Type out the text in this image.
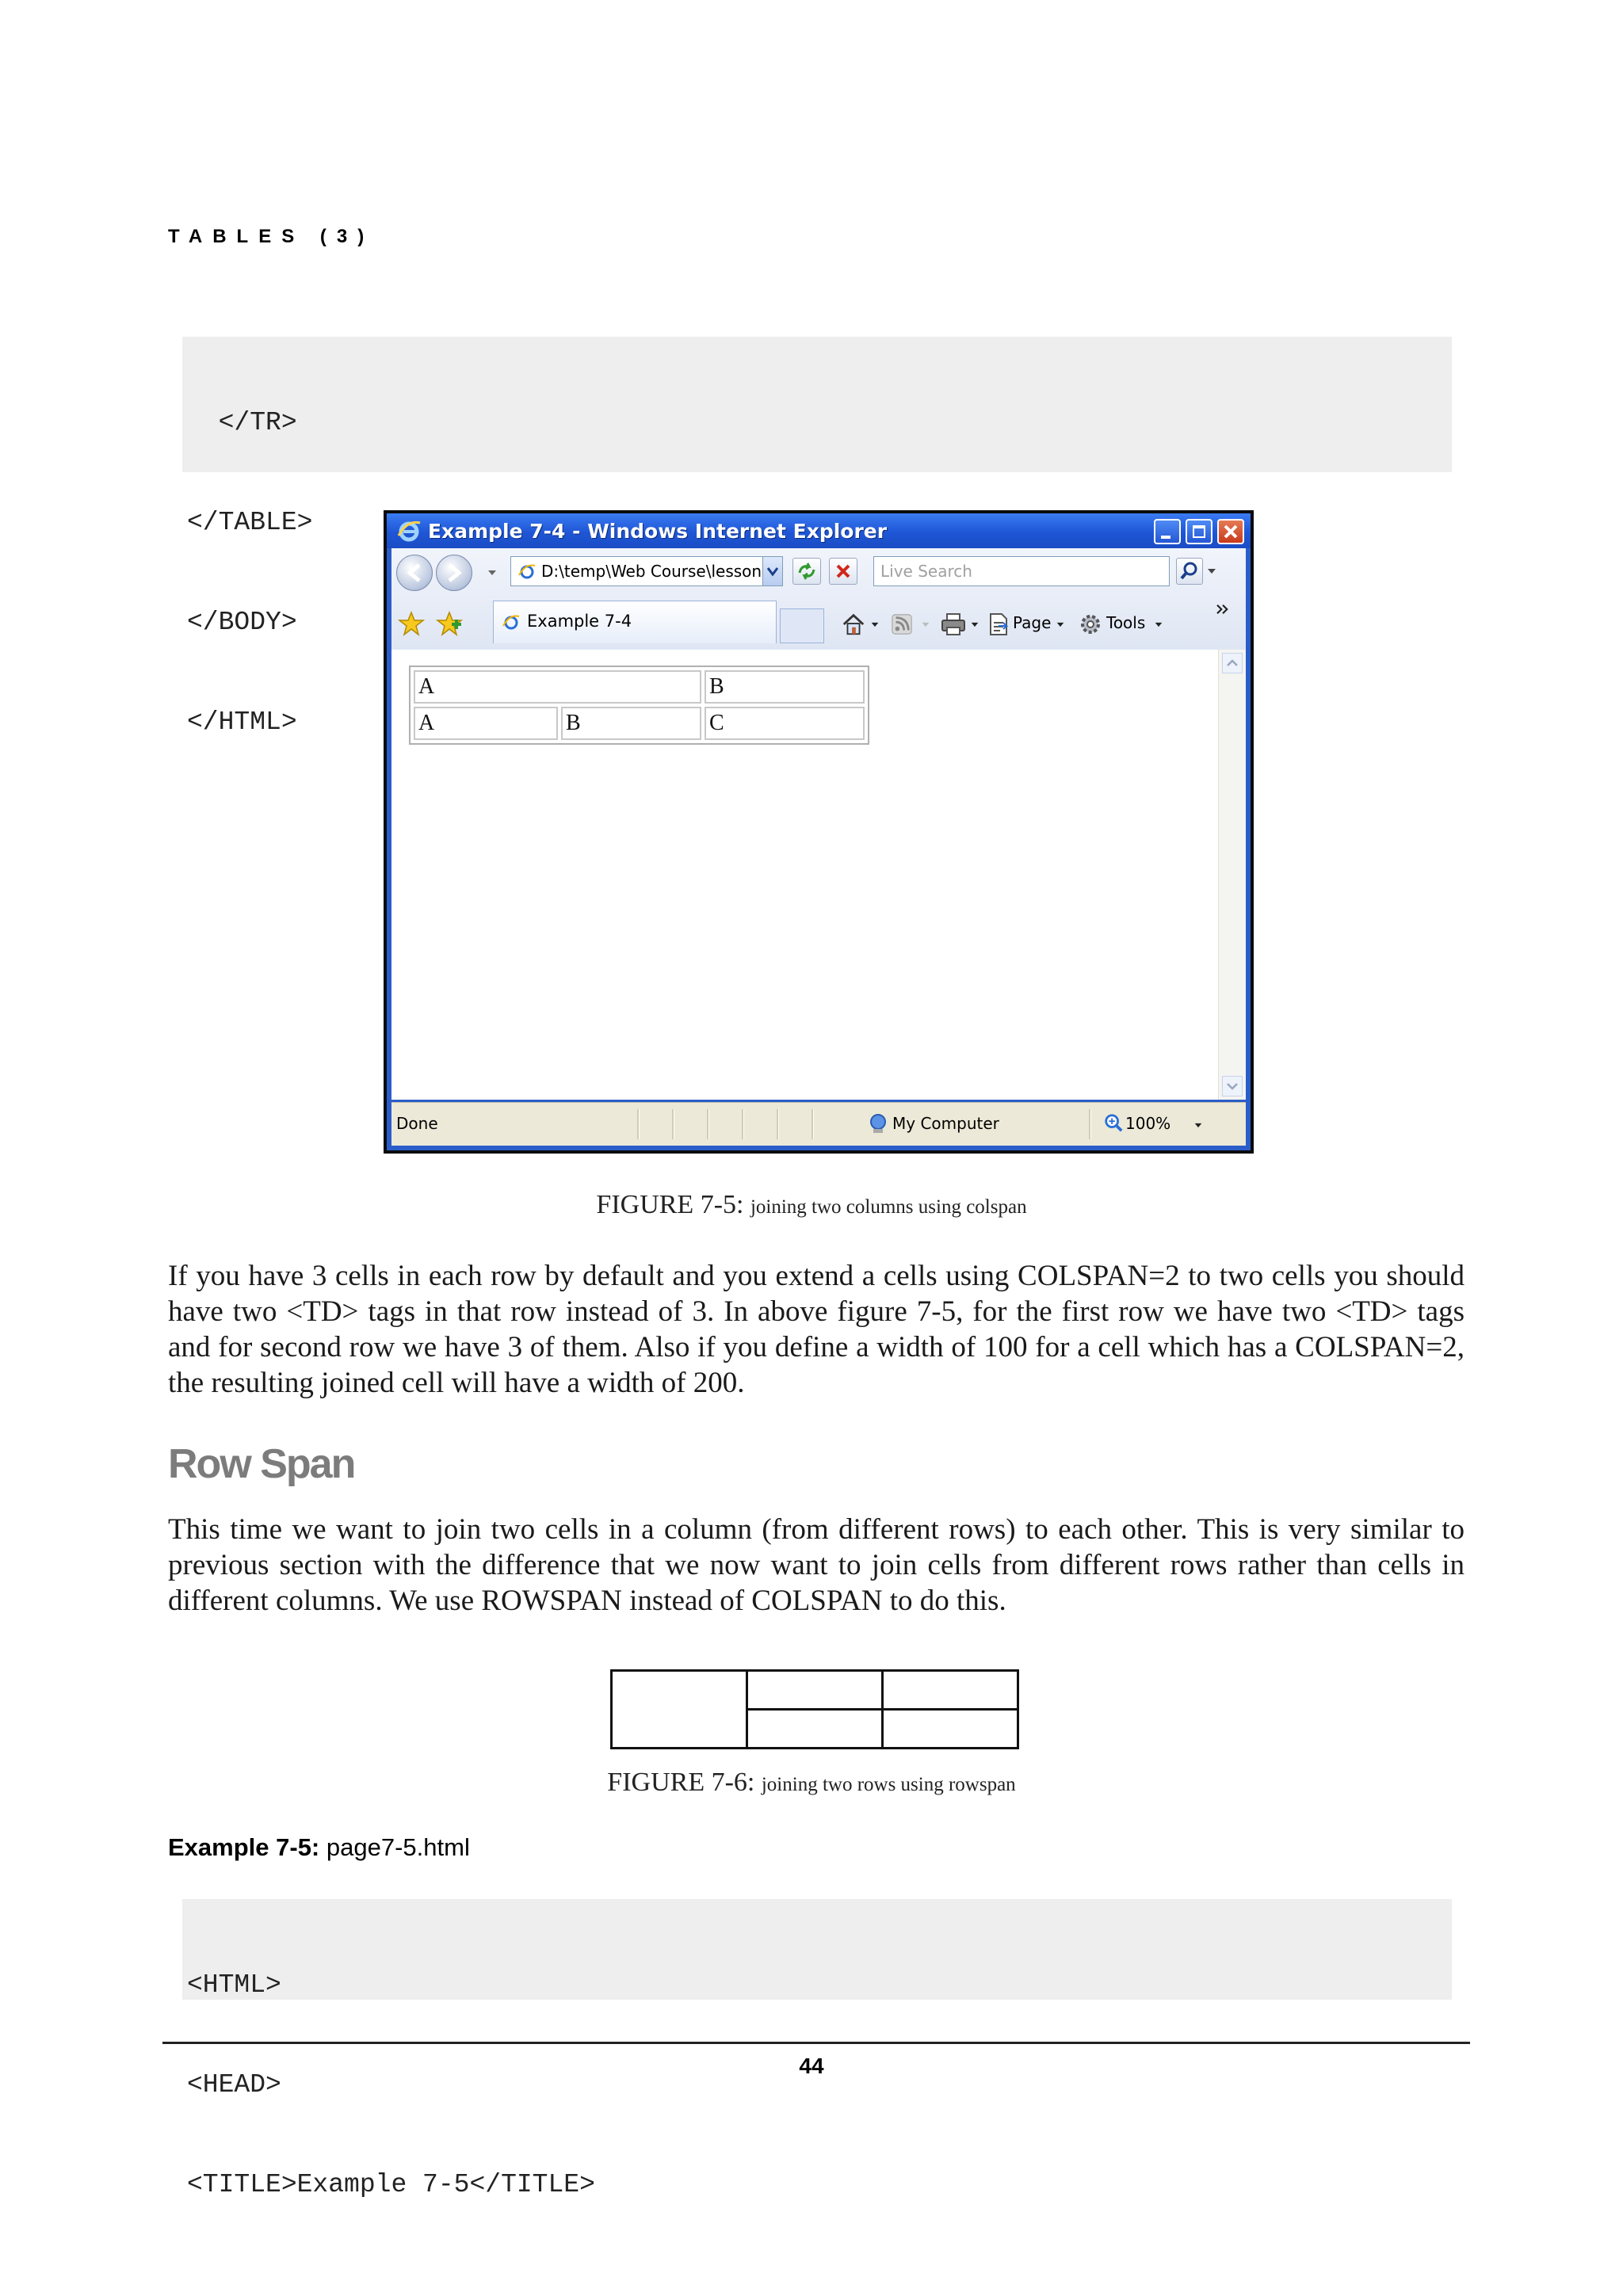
TABLES (3)

</TR>

</TABLE>

</BODY>

</HTML>

Example 7-4 - Windows Internet Explorer
D:\temp\Web Course\lesson	Live Search
Example 7-4	Page	Tools
A		B
A	B	C
Done	My Computer	100%
FIGURE 7-5: joining two columns using colspan
If you have 3 cells in each row by default and you extend a cells using COLSPAN=2 to two cells you should have two <TD> tags in that row instead of 3. In above figure 7-5, for the first row we have two <TD> tags and for second row we have 3 of them. Also if you define a width of 100 for a cell which has a COLSPAN=2, the resulting joined cell will have a width of 200.
Row Span
This time we want to join two cells in a column (from different rows) to each other. This is very similar to previous section with the difference that we now want to join cells from different rows rather than cells in different columns. We use ROWSPAN instead of COLSPAN to do this.

FIGURE 7-6: joining two rows using rowspan
Example 7-5: page7-5.html

<HTML>

<HEAD>

<TITLE>Example 7-5</TITLE>

44
